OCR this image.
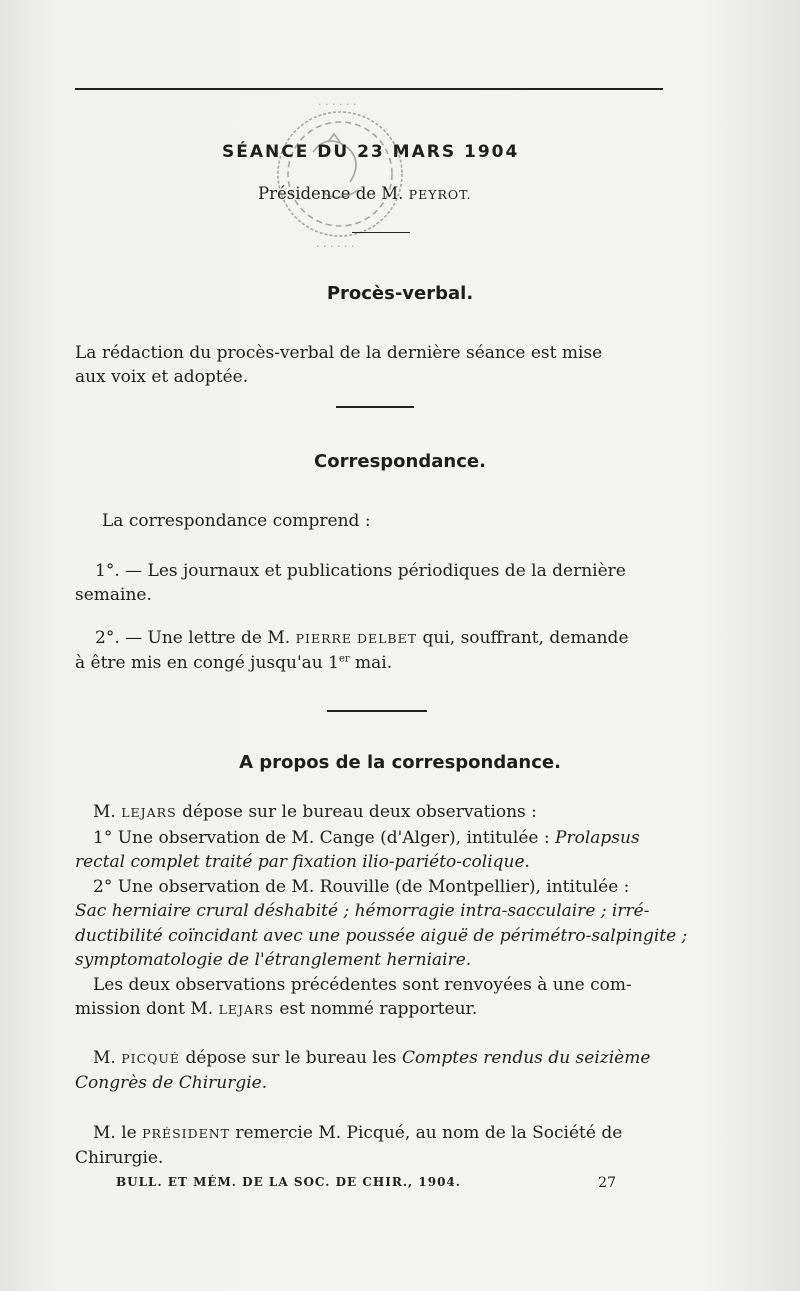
· · · · · ·
· · · · · ·
SÉANCE DU 23 MARS 1904
Présidence de M. PEYROT.
Procès-verbal.
La rédaction du procès-verbal de la dernière séance est mise
aux voix et adoptée.
Correspondance.
La correspondance comprend :
1°. — Les journaux et publications périodiques de la dernière
semaine.
2°. — Une lettre de M. PIERRE DELBET qui, souffrant, demande
à être mis en congé jusqu'au 1er mai.
A propos de la correspondance.
M. LEJARS dépose sur le bureau deux observations :
1° Une observation de M. Cange (d'Alger), intitulée : Prolapsus
rectal complet traité par fixation ilio-pariéto-colique.
2° Une observation de M. Rouville (de Montpellier), intitulée :
Sac herniaire crural déshabité ; hémorragie intra-sacculaire ; irré-
ductibilité coïncidant avec une poussée aiguë de périmétro-salpingite ;
symptomatologie de l'étranglement herniaire.
Les deux observations précédentes sont renvoyées à une com-
mission dont M. LEJARS est nommé rapporteur.
M. PICQUÉ dépose sur le bureau les Comptes rendus du seizième
Congrès de Chirurgie.
M. le PRÉSIDENT remercie M. Picqué, au nom de la Société de
Chirurgie.
BULL. ET MÉM. DE LA SOC. DE CHIR., 1904.	27
